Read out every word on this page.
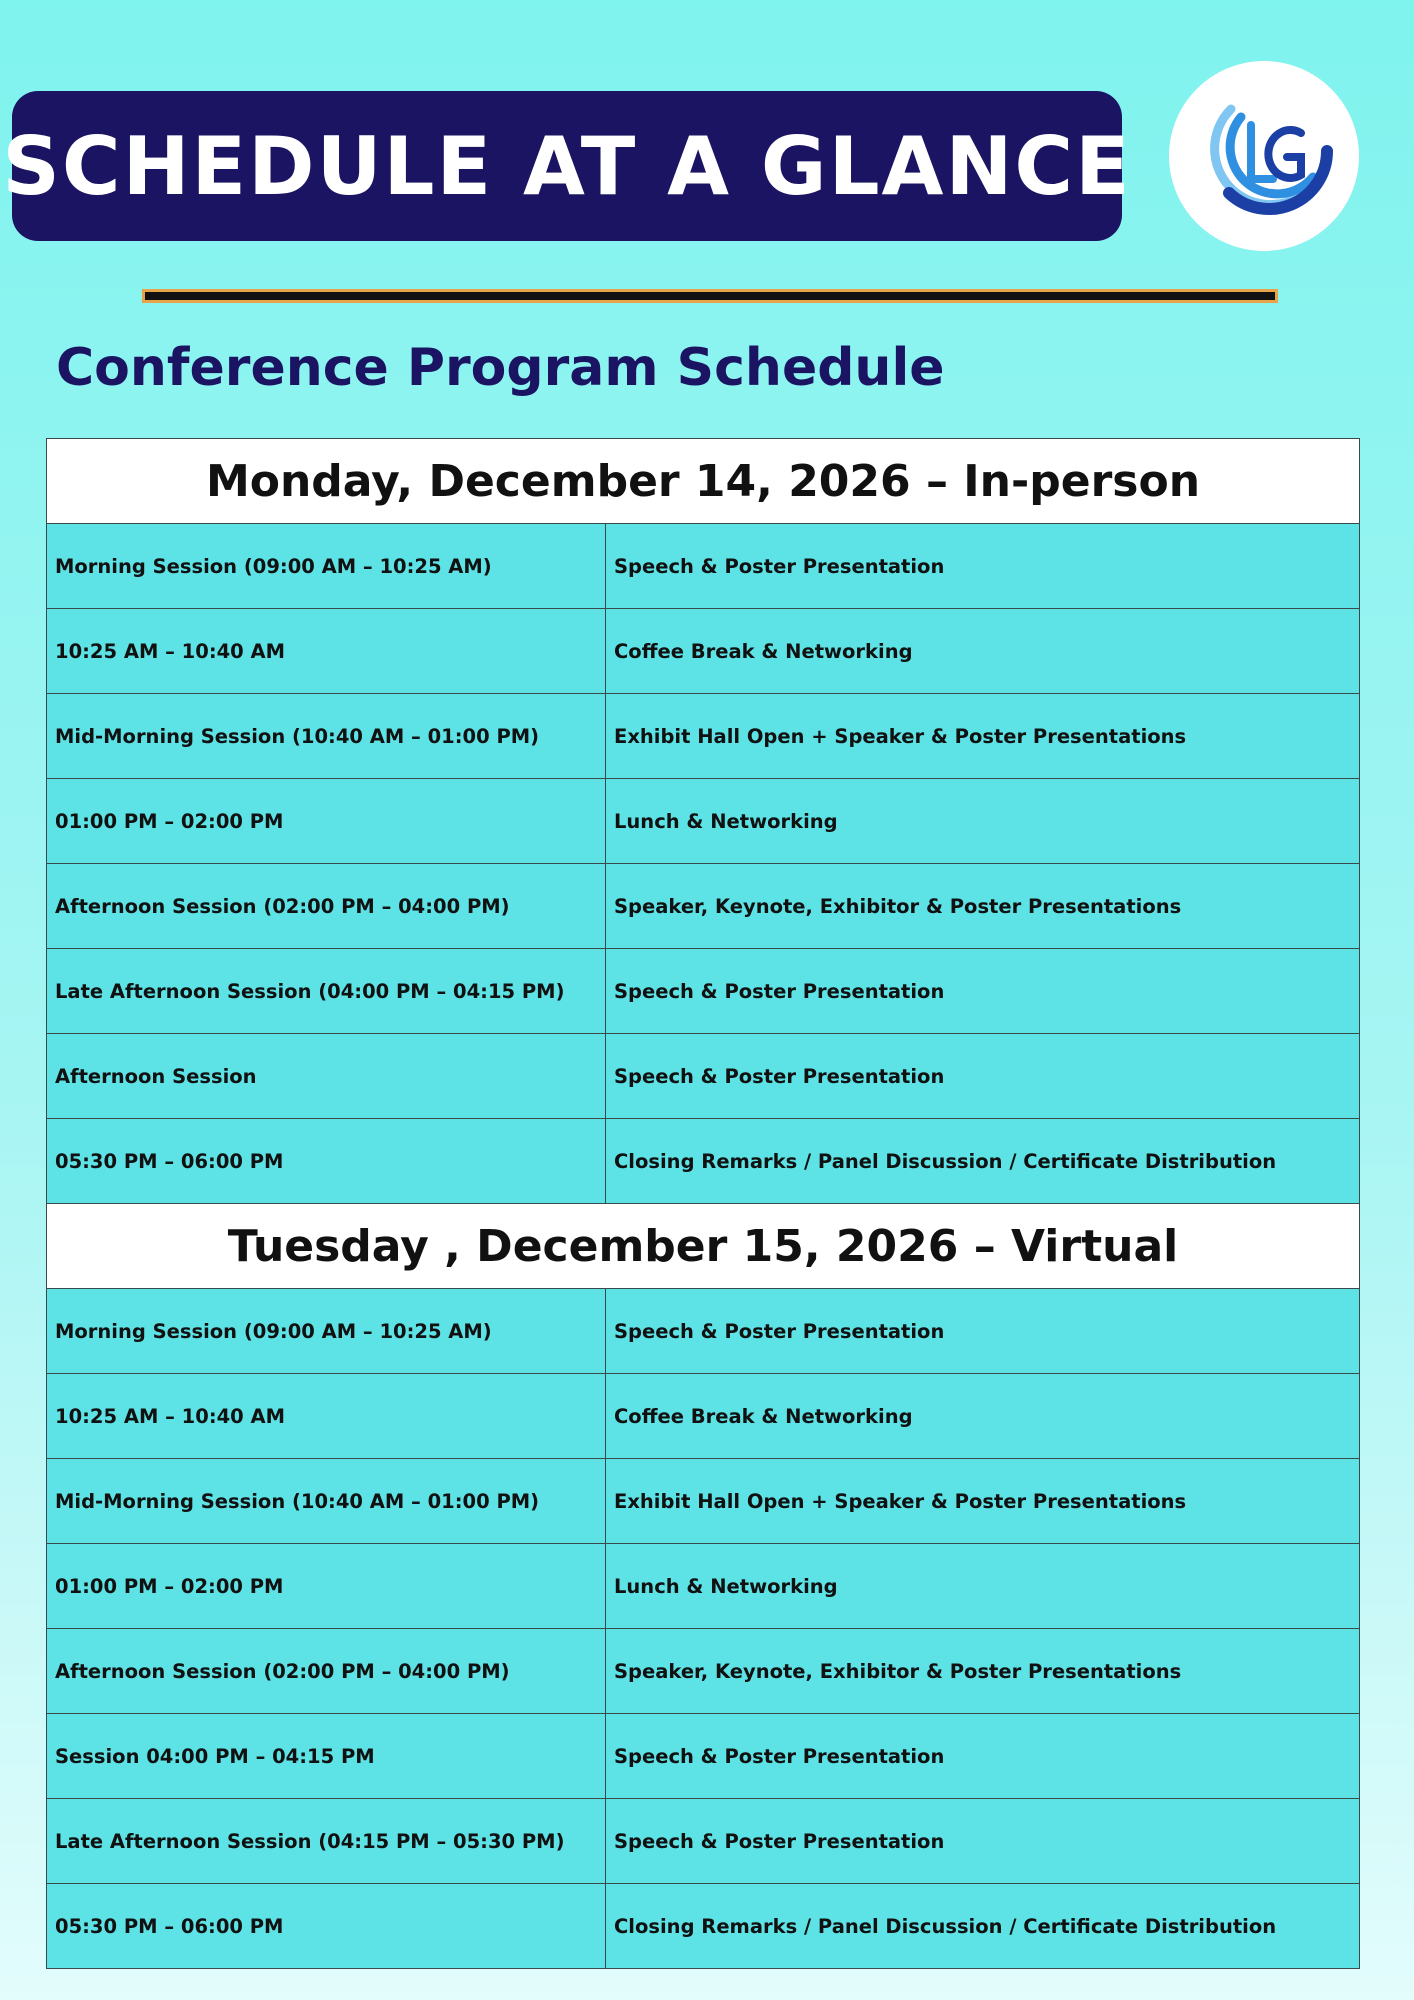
SCHEDULE AT A GLANCE
Conference Program Schedule
Monday, December 14, 2026 – In-person
Morning Session (09:00 AM – 10:25 AM)	Speech & Poster Presentation
10:25 AM – 10:40 AM	Coffee Break & Networking
Mid-Morning Session (10:40 AM – 01:00 PM)	Exhibit Hall Open + Speaker & Poster Presentations
01:00 PM – 02:00 PM	Lunch & Networking
Afternoon Session (02:00 PM – 04:00 PM)	Speaker, Keynote, Exhibitor & Poster Presentations
Late Afternoon Session (04:00 PM – 04:15 PM)	Speech & Poster Presentation
Afternoon Session	Speech & Poster Presentation
05:30 PM – 06:00 PM	Closing Remarks / Panel Discussion / Certificate Distribution
Tuesday , December 15, 2026 – Virtual
Morning Session (09:00 AM – 10:25 AM)	Speech & Poster Presentation
10:25 AM – 10:40 AM	Coffee Break & Networking
Mid-Morning Session (10:40 AM – 01:00 PM)	Exhibit Hall Open + Speaker & Poster Presentations
01:00 PM – 02:00 PM	Lunch & Networking
Afternoon Session (02:00 PM – 04:00 PM)	Speaker, Keynote, Exhibitor & Poster Presentations
Session 04:00 PM – 04:15 PM	Speech & Poster Presentation
Late Afternoon Session (04:15 PM – 05:30 PM)	Speech & Poster Presentation
05:30 PM – 06:00 PM	Closing Remarks / Panel Discussion / Certificate Distribution
